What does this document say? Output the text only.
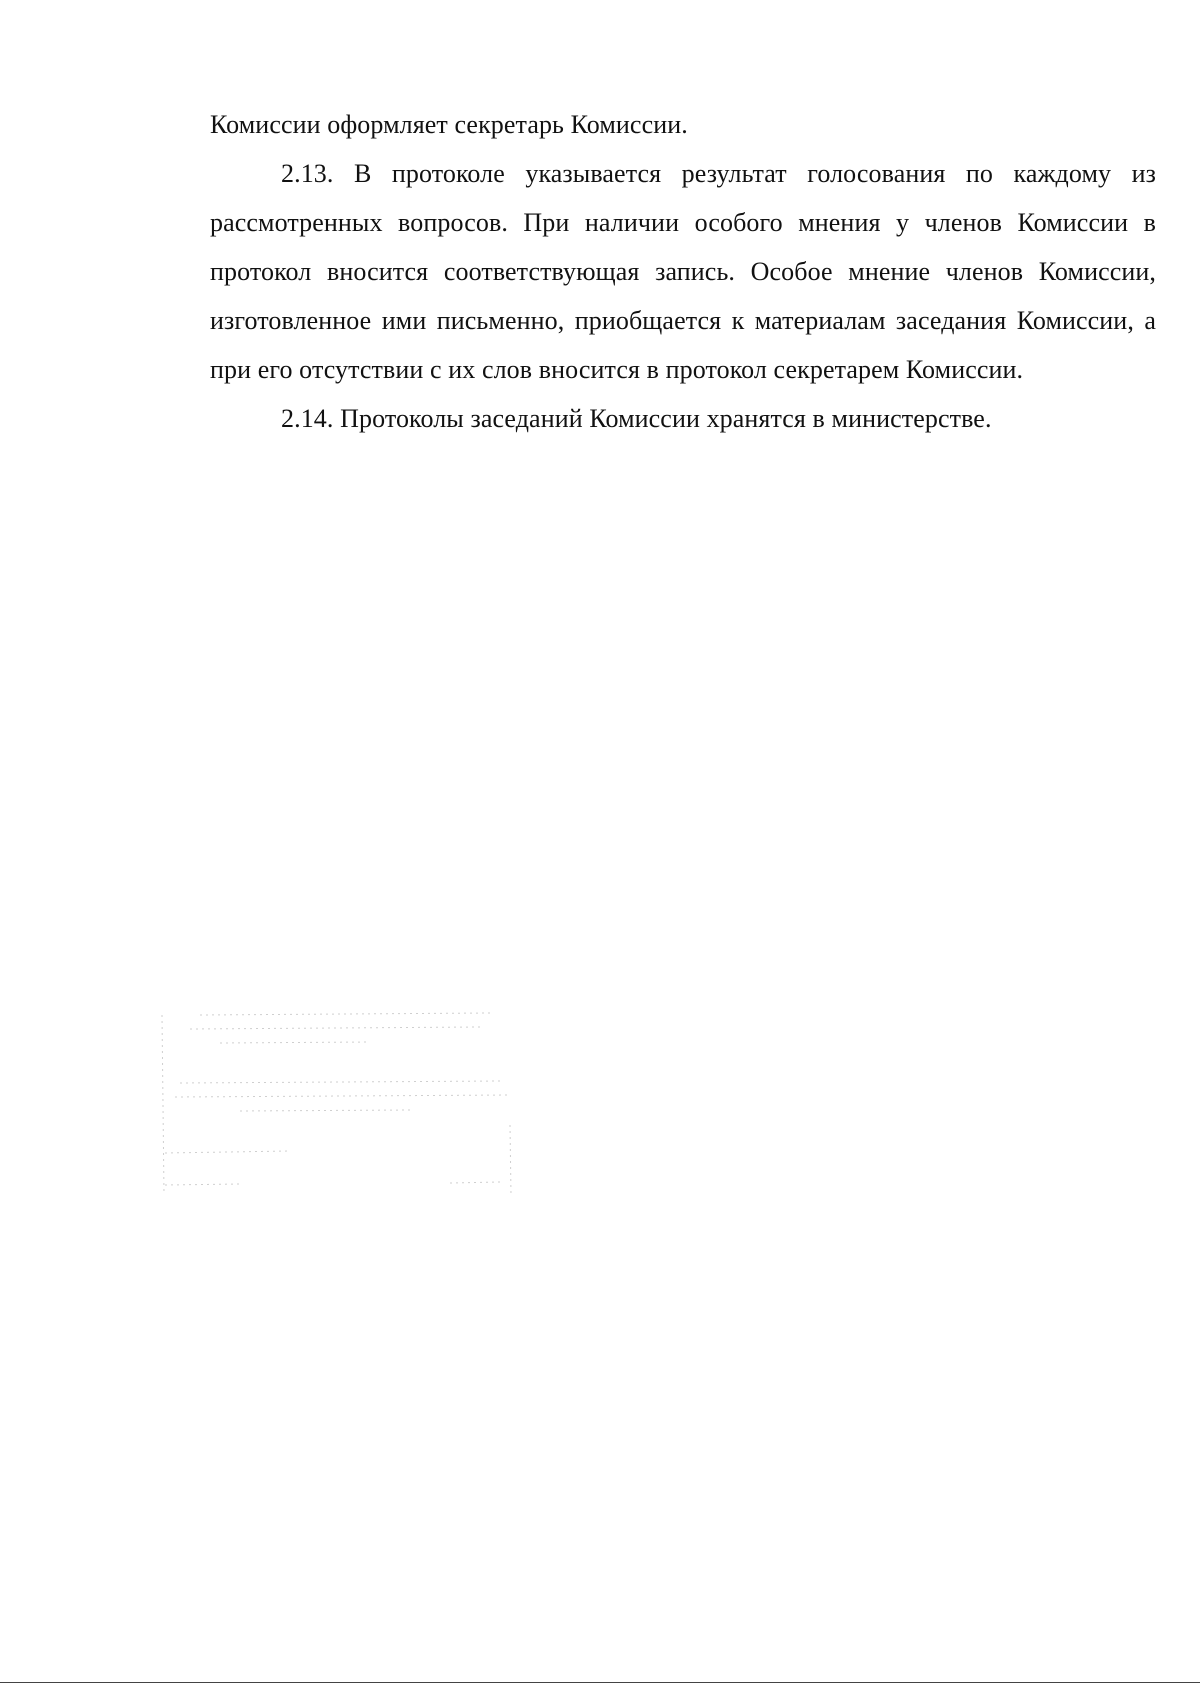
Комиссии оформляет секретарь Комиссии.

2.13. В протоколе указывается результат голосования по каждому из рассмотренных вопросов. При наличии особого мнения у членов Комиссии в протокол вносится соответствующая запись. Особое мнение членов Комиссии, изготовленное ими письменно, приобщается к материалам заседания Комиссии, а при его отсутствии с их слов вносится в протокол секретарем Комиссии.

2.14. Протоколы заседаний Комиссии хранятся в министерстве.
